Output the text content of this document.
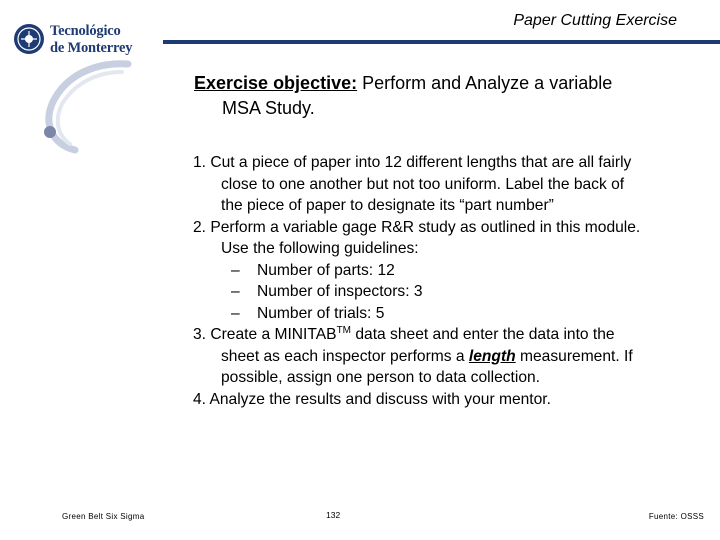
Paper Cutting Exercise
Tecnológico
de Monterrey
Exercise objective: Perform and Analyze a variable
MSA Study.
1. Cut a piece of paper into 12 different lengths that are all fairly
close to one another but not too uniform. Label the back of
the piece of paper to designate its “part number”
2. Perform a variable gage R&R study as outlined in this module.
Use the following guidelines:
– Number of parts: 12
– Number of inspectors: 3
– Number of trials: 5
3. Create a MINITAB™ data sheet and enter the data into the
sheet as each inspector performs a length measurement. If
possible, assign one person to data collection.
4. Analyze the results and discuss with your mentor.
Green Belt Six Sigma	132	Fuente: OSSS
